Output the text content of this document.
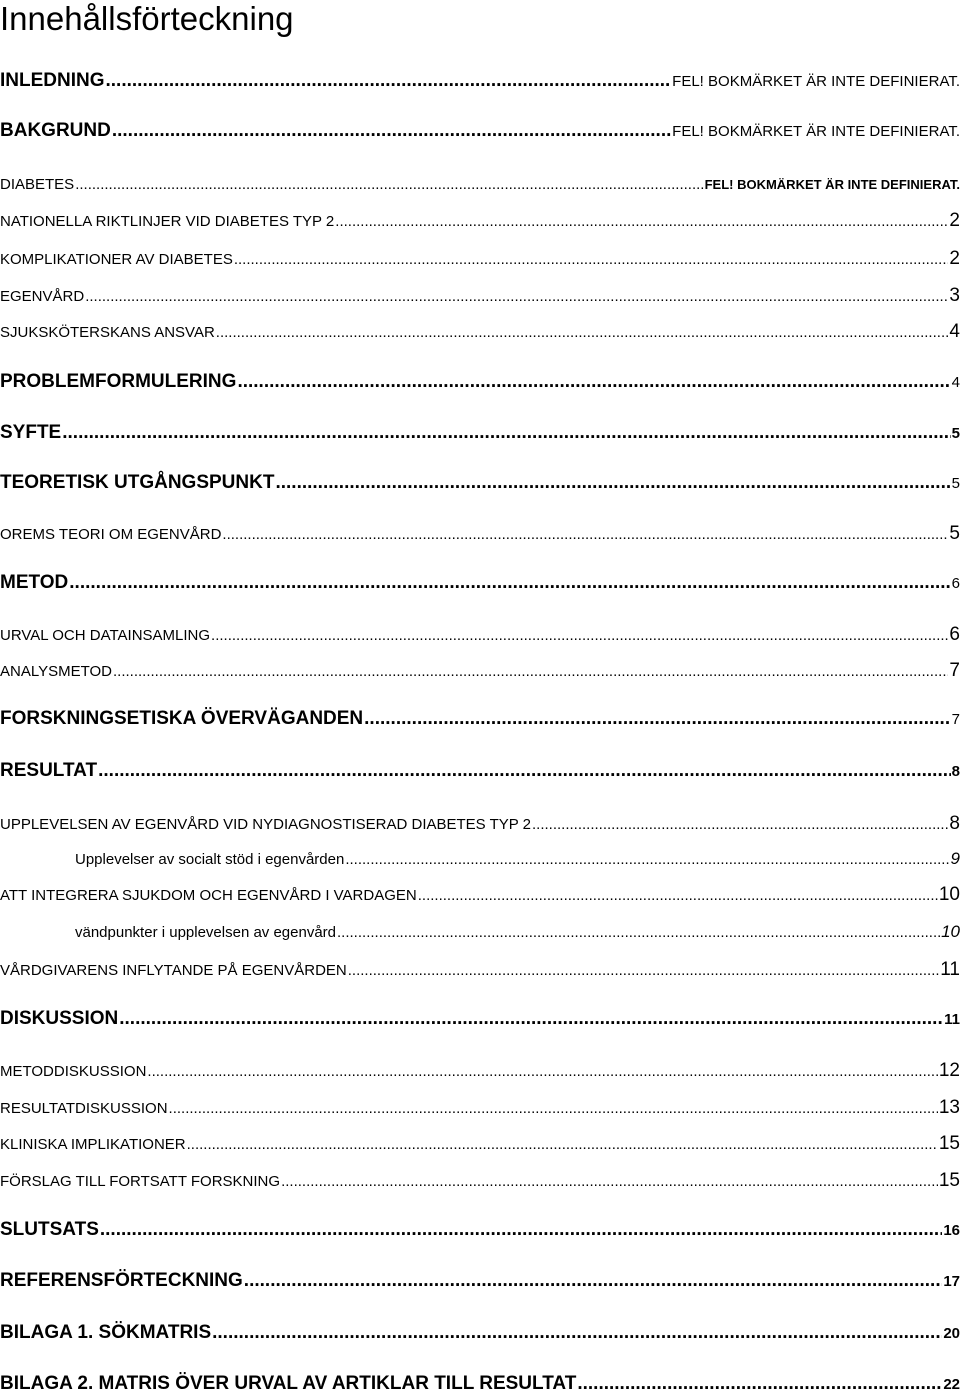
Innehållsförteckning
INLEDNING .....	FEL! BOKMÄRKET ÄR INTE DEFINIERAT.
BAKGRUND .....	FEL! BOKMÄRKET ÄR INTE DEFINIERAT.
DIABETES .....	FEL! BOKMÄRKET ÄR INTE DEFINIERAT.
NATIONELLA RIKTLINJER VID DIABETES TYP 2 .....	2
KOMPLIKATIONER AV DIABETES .....	2
EGENVÅRD .....	3
SJUKSKÖTERSKANS ANSVAR .....	4
PROBLEMFORMULERING .....	4
SYFTE .....	5
TEORETISK UTGÅNGSPUNKT .....	5
OREMS TEORI OM EGENVÅRD .....	5
METOD .....	6
URVAL OCH DATAINSAMLING .....	6
ANALYSMETOD .....	7
FORSKNINGSETISKA ÖVERVÄGANDEN .....	7
RESULTAT .....	8
UPPLEVELSEN AV EGENVÅRD VID NYDIAGNOSTISERAD DIABETES TYP 2 .....	8
Upplevelser av socialt stöd i egenvården .....	9
ATT INTEGRERA SJUKDOM OCH EGENVÅRD I VARDAGEN .....	10
vändpunkter i upplevelsen av egenvård .....	10
VÅRDGIVARENS INFLYTANDE PÅ EGENVÅRDEN .....	11
DISKUSSION .....	11
METODDISKUSSION .....	12
RESULTATDISKUSSION .....	13
KLINISKA IMPLIKATIONER .....	15
FÖRSLAG TILL FORTSATT FORSKNING .....	15
SLUTSATS .....	16
REFERENSFÖRTECKNING .....	17
BILAGA 1. SÖKMATRIS .....	20
BILAGA 2. MATRIS ÖVER URVAL AV ARTIKLAR TILL RESULTAT .....	22
